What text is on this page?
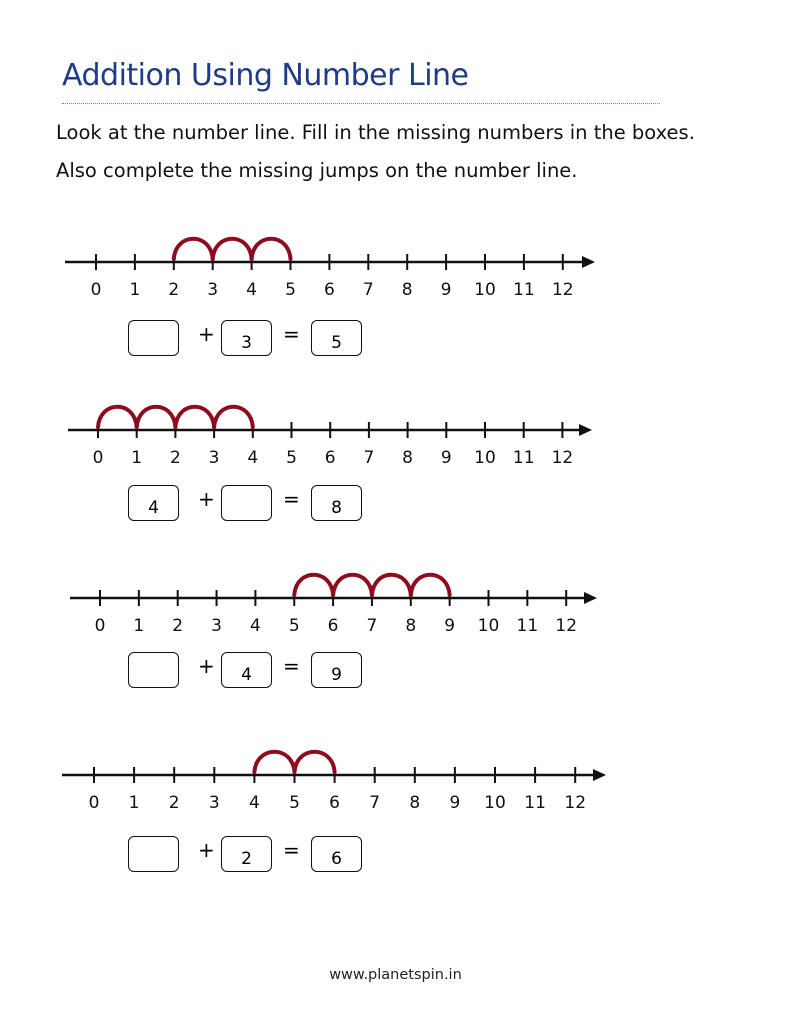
Addition Using Number Line
Look at the number line. Fill in the missing numbers in the boxes. Also complete the missing jumps on the number line.
0 1 2 3 4 5 6 7 8 9 10 11 12
+	3	=	5
0 1 2 3 4 5 6 7 8 9 10 11 12
4	+	=	8
0 1 2 3 4 5 6 7 8 9 10 11 12
+	4	=	9
0 1 2 3 4 5 6 7 8 9 10 11 12
+	2	=	6
www.planetspin.in
